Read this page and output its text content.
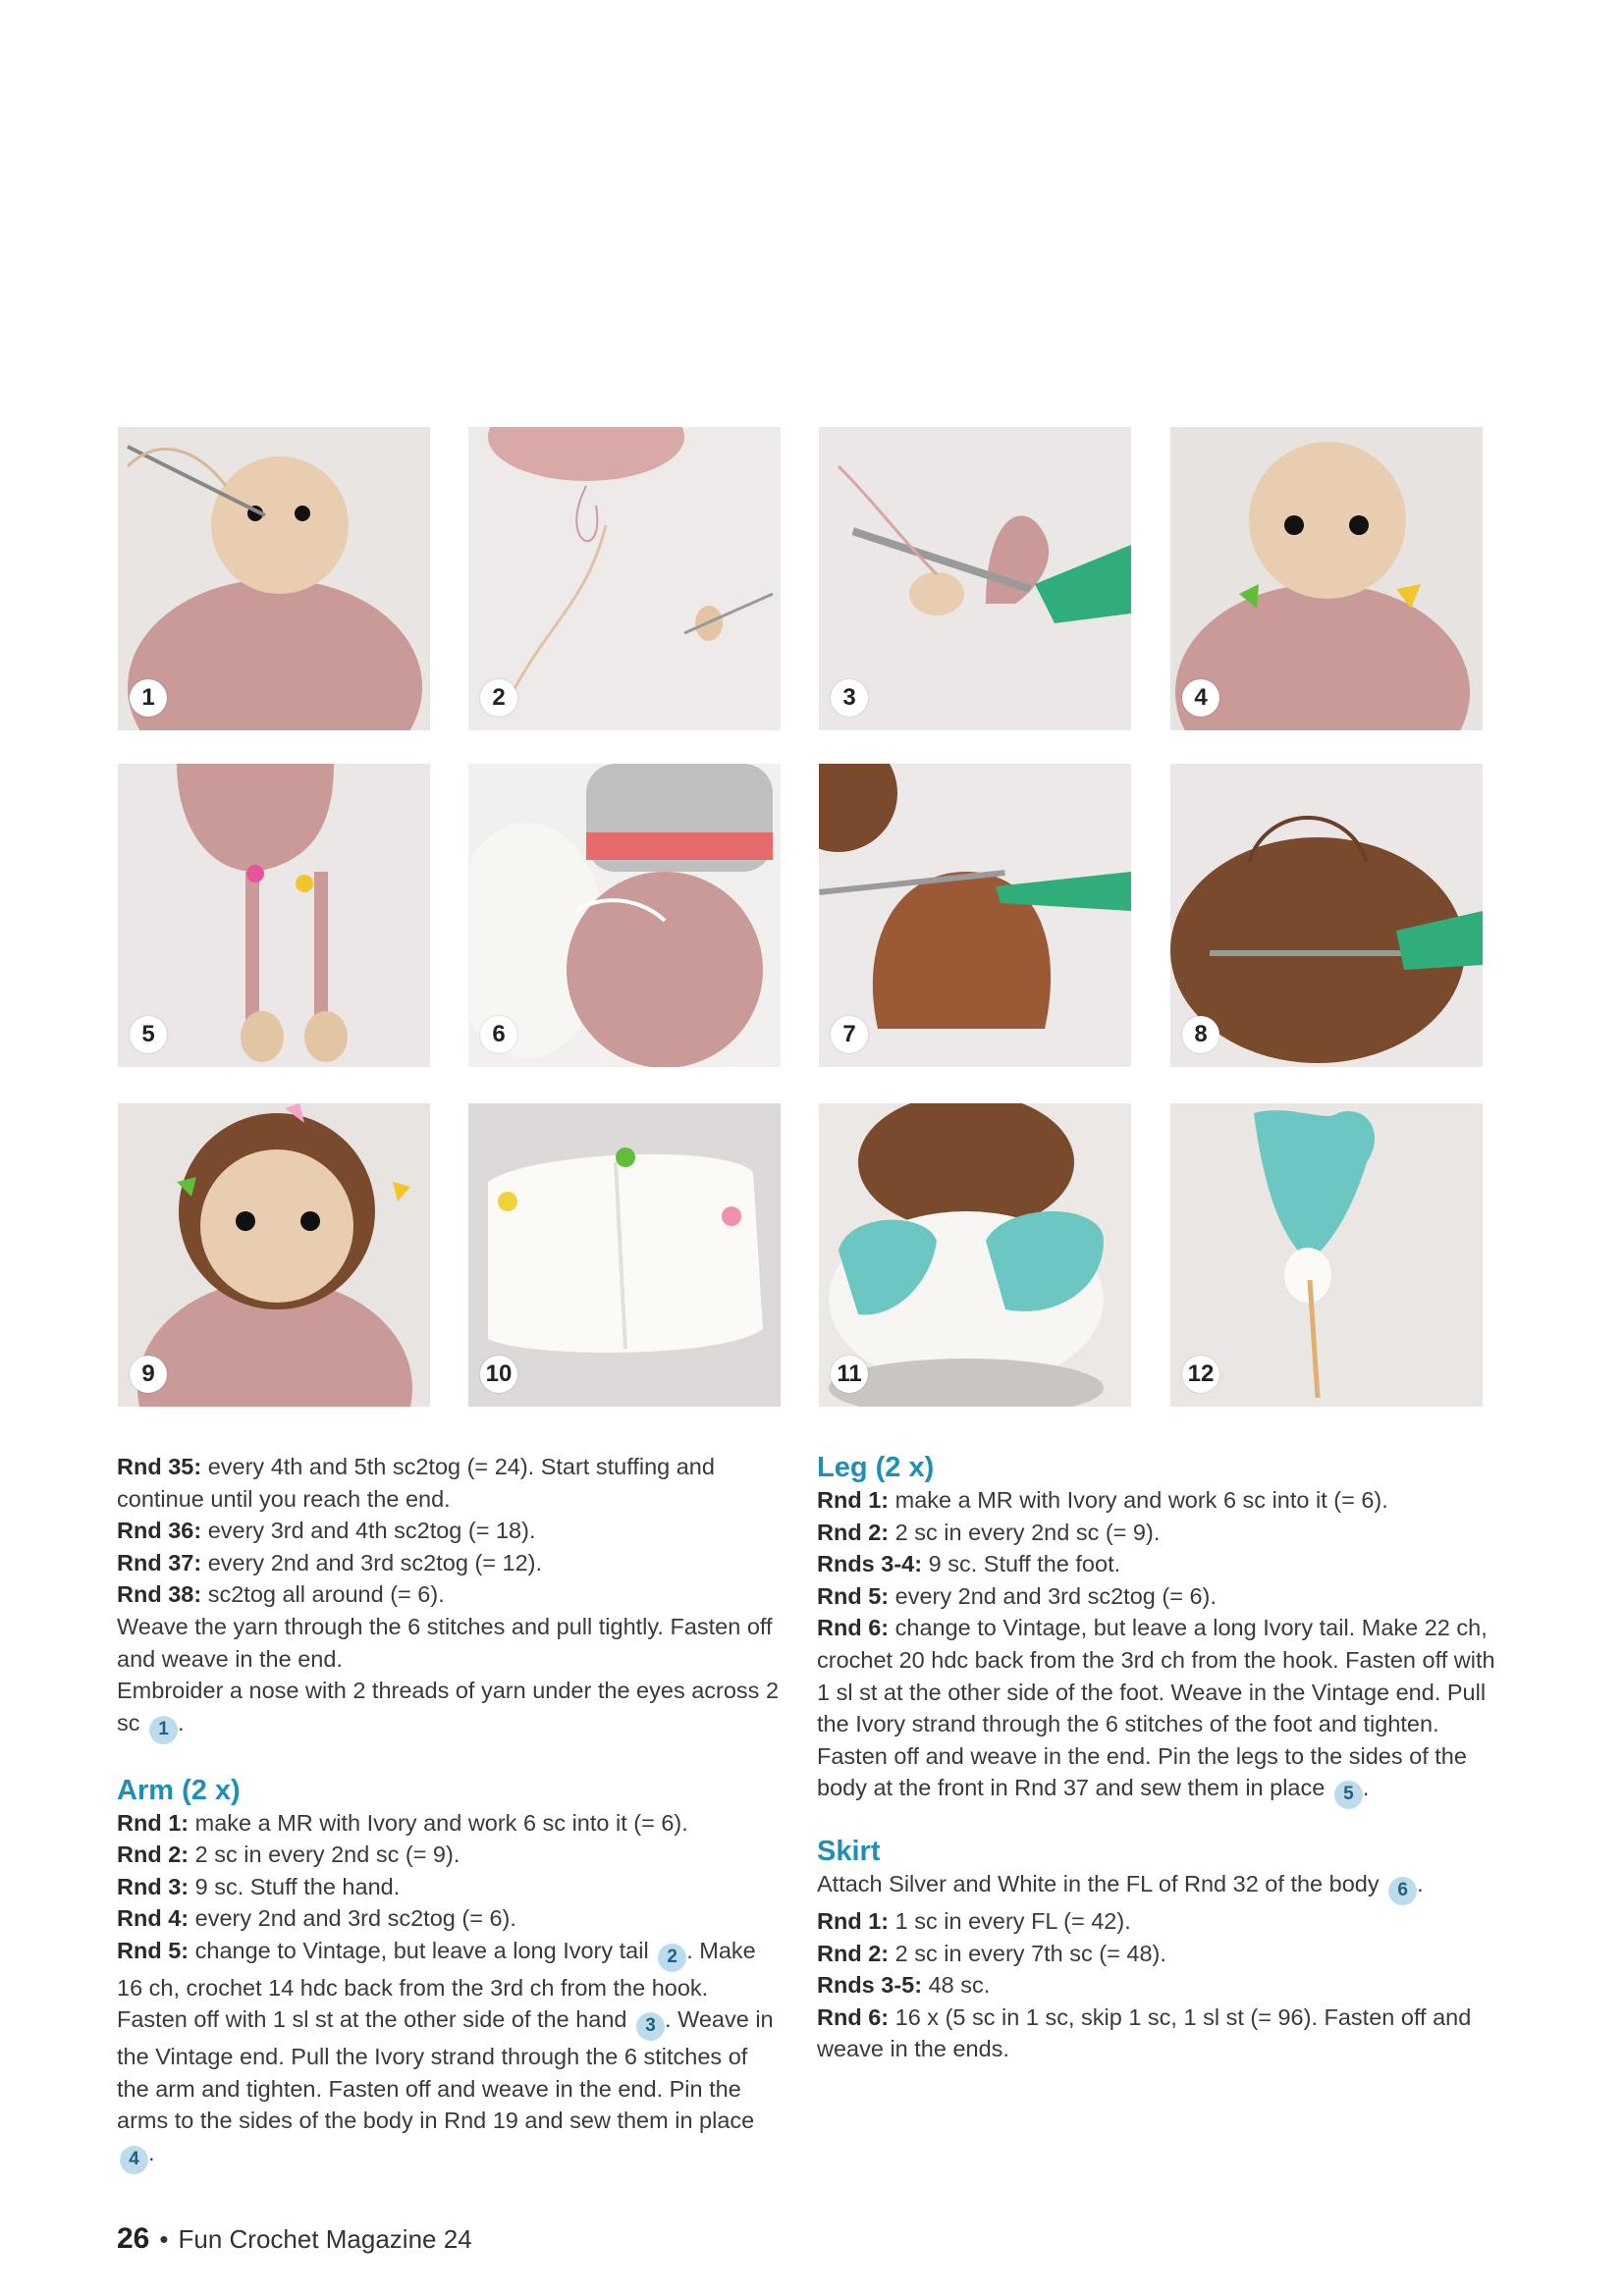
1	2	3	4
5	6	7	8
9	10	11	12

Rnd 35: every 4th and 5th sc2tog (= 24). Start stuffing and continue until you reach the end.

Rnd 36: every 3rd and 4th sc2tog (= 18).

Rnd 37: every 2nd and 3rd sc2tog (= 12).

Rnd 38: sc2tog all around (= 6).

Weave the yarn through the 6 stitches and pull tightly. Fasten off and weave in the end.

Embroider a nose with 2 threads of yarn under the eyes across 2 sc 1 .

Arm (2 x)

Rnd 1: make a MR with Ivory and work 6 sc into it (= 6).

Rnd 2: 2 sc in every 2nd sc (= 9).

Rnd 3: 9 sc. Stuff the hand.

Rnd 4: every 2nd and 3rd sc2tog (= 6).

Rnd 5: change to Vintage, but leave a long Ivory tail 2 . Make 16 ch, crochet 14 hdc back from the 3rd ch from the hook. Fasten off with 1 sl st at the other side of the hand 3 . Weave in the Vintage end. Pull the Ivory strand through the 6 stitches of the arm and tighten. Fasten off and weave in the end. Pin the arms to the sides of the body in Rnd 19 and sew them in place 4 .

Leg (2 x)

Rnd 1: make a MR with Ivory and work 6 sc into it (= 6).

Rnd 2: 2 sc in every 2nd sc (= 9).

Rnds 3-4: 9 sc. Stuff the foot.

Rnd 5: every 2nd and 3rd sc2tog (= 6).

Rnd 6: change to Vintage, but leave a long Ivory tail. Make 22 ch, crochet 20 hdc back from the 3rd ch from the hook. Fasten off with 1 sl st at the other side of the foot. Weave in the Vintage end. Pull the Ivory strand through the 6 stitches of the foot and tighten. Fasten off and weave in the end. Pin the legs to the sides of the body at the front in Rnd 37 and sew them in place 5 .

Skirt

Attach Silver and White in the FL of Rnd 32 of the body 6 .

Rnd 1: 1 sc in every FL (= 42).

Rnd 2: 2 sc in every 7th sc (= 48).

Rnds 3-5: 48 sc.

Rnd 6: 16 x (5 sc in 1 sc, skip 1 sc, 1 sl st (= 96). Fasten off and weave in the ends.

26 • Fun Crochet Magazine 24
